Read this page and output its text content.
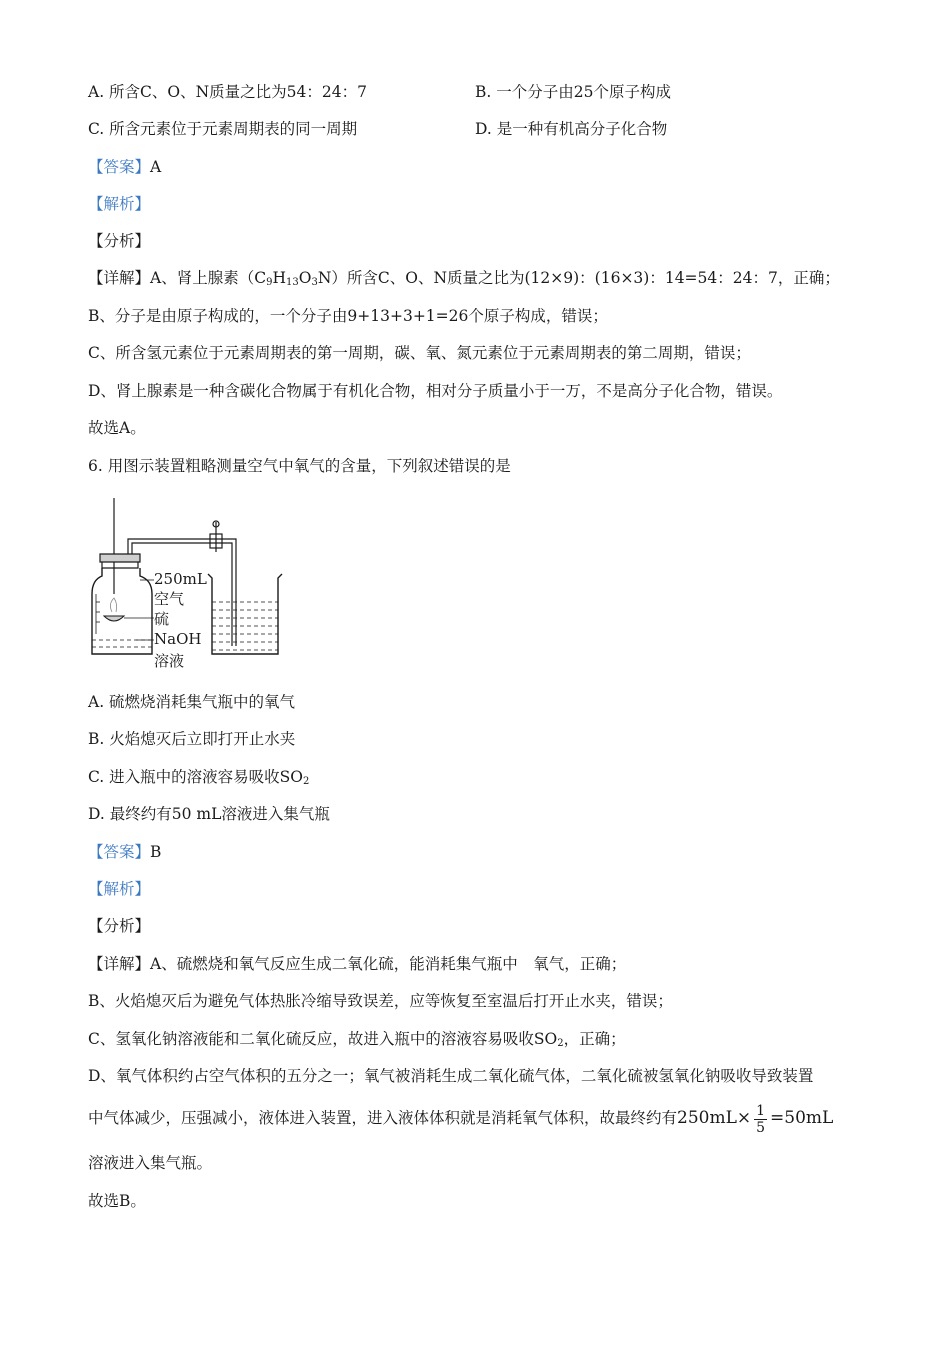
A. 所含C、O、N质量之比为54：24：7	B. 一个分子由25个原子构成
C. 所含元素位于元素周期表的同一周期	D. 是一种有机高分子化合物
【答案】A
【解析】
【分析】
【详解】A、肾上腺素$(C_9H_{13}O_3N)$所含C、O、N质量之比为(12×9)：(16×3)：14=54：24：7，正确；
B、分子是由原子构成的，一个分子由9+13+3+1=26个原子构成，错误；
C、所含氢元素位于元素周期表的第一周期，碳、氧、氮元素位于元素周期表的第二周期，错误；
D、肾上腺素是一种含碳化合物属于有机化合物，相对分子质量小于一万，不是高分子化合物，错误。
故选A。
6. 用图示装置粗略测量空气中氧气的含量，下列叙述错误的是
250mL
空气
硫
NaOH
溶液
A. 硫燃烧消耗集气瓶中的氧气
B. 火焰熄灭后立即打开止水夹
C. 进入瓶中的溶液容易吸收$SO_2$
D. 最终约有50 mL溶液进入集气瓶
【答案】B
【解析】
【分析】
【详解】A、硫燃烧和氧气反应生成二氧化硫，能消耗集气瓶中　氧气，正确；
B、火焰熄灭后为避免气体热胀冷缩导致误差，应等恢复至室温后打开止水夹，错误；
C、氢氧化钠溶液能和二氧化硫反应，故进入瓶中的溶液容易吸收$SO_2$，正确；
D、氧气体积约占空气体积的五分之一；氧气被消耗生成二氧化硫气体，二氧化硫被氢氧化钠吸收导致装置
中气体减少，压强减小，液体进入装置，进入液体体积就是消耗氧气体积，故最终约有$250mL\times \frac{1}{5} =50mL$
溶液进入集气瓶。
故选B。
